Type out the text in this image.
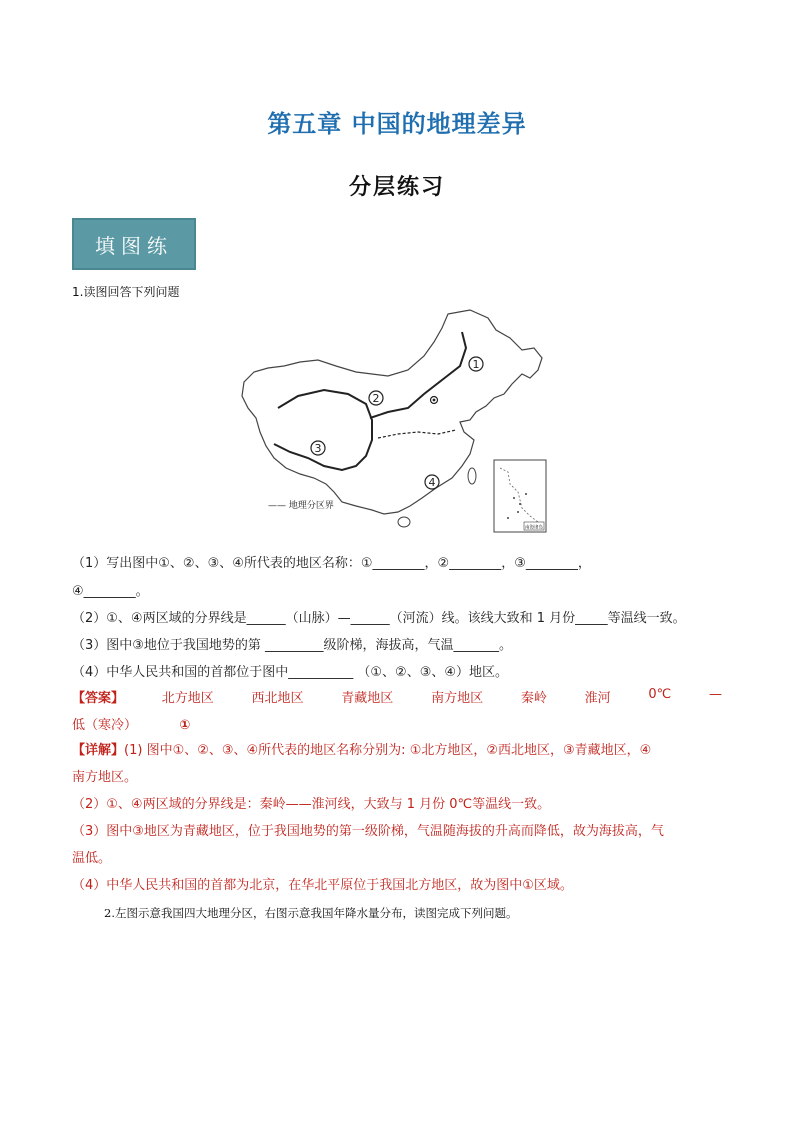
第五章 中国的地理差异
分层练习
填图练
1.读图回答下列问题
1
2
3
4
—— 地理分区界
南海诸岛
（1）写出图中①、②、③、④所代表的地区名称：①________，②________，③________，
④________。
（2）①、④两区域的分界线是______（山脉）—______（河流）线。该线大致和 1 月份_____等温线一致。
（3）图中③地位于我国地势的第 _________级阶梯，海拔高，气温_______。
（4）中华人民共和国的首都位于图中__________ （①、②、③、④）地区。
【答案】	北方地区	西北地区	青藏地区	南方地区	秦岭	淮河	0℃	—
低（寒冷）	①
【详解】(1) 图中①、②、③、④所代表的地区名称分别为: ①北方地区，②西北地区，③青藏地区，④
南方地区。
（2）①、④两区域的分界线是：秦岭——淮河线，大致与 1 月份 0℃等温线一致。
（3）图中③地区为青藏地区，位于我国地势的第一级阶梯，气温随海拔的升高而降低，故为海拔高，气
温低。
（4）中华人民共和国的首都为北京，在华北平原位于我国北方地区，故为图中①区域。
2.左图示意我国四大地理分区，右图示意我国年降水量分布，读图完成下列问题。
